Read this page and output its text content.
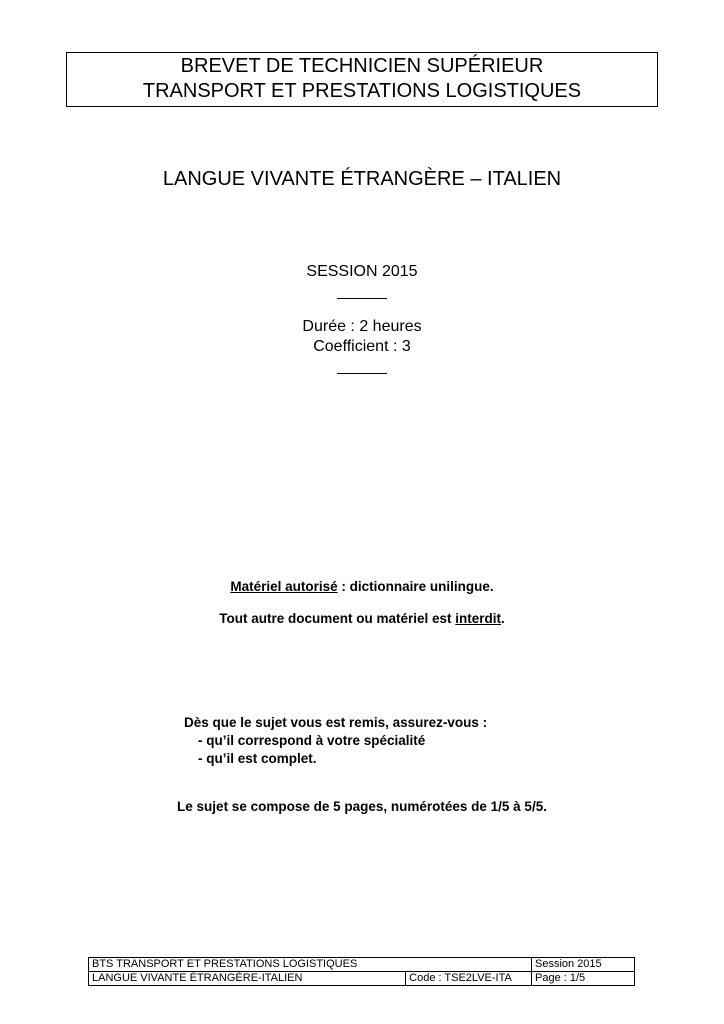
BREVET DE TECHNICIEN SUPÉRIEUR
TRANSPORT ET PRESTATIONS LOGISTIQUES
LANGUE VIVANTE ÉTRANGÈRE – ITALIEN
SESSION 2015
Durée : 2 heures
Coefficient : 3
Matériel autorisé : dictionnaire unilingue.
Tout autre document ou matériel est interdit.
Dès que le sujet vous est remis, assurez-vous :
- qu’il correspond à votre spécialité
- qu’il est complet.
Le sujet se compose de 5 pages, numérotées de 1/5 à 5/5.
BTS TRANSPORT ET PRESTATIONS LOGISTIQUES		Session 2015
LANGUE VIVANTE ÉTRANGÈRE-ITALIEN	Code : TSE2LVE-ITA	Page : 1/5
